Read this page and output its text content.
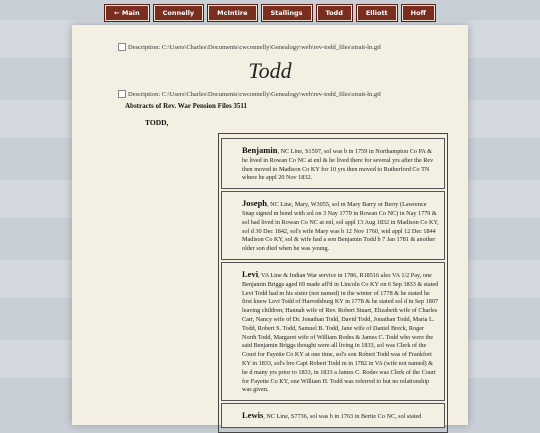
← Main	Connelly	McIntire	Stallings	Todd	Elliott	Hoff
Description: C:\Users\Charles\Documents\cwconnelly\Genealogy\web\rev-todd_files\strait-ln.gif
Todd
Description: C:\Users\Charles\Documents\cwconnelly\Genealogy\web\rev-todd_files\strait-ln.gif
Abstracts of Rev. War Pension Files 3511
TODD,
Benjamin, NC Line, S1597, sol was b in 1759 in Northampton Co PA & he lived in Rowan Co NC at enl & he lived there for several yrs after the Rev then moved to Madison Co KY for 10 yrs then moved to Rutherford Co TN where he appl 20 Nov 1832.
Joseph, NC Line, Mary, W3055, sol m Mary Barry or Berry (Lawrence Snap signed m bond with sol on 3 Nay 1779 in Rowan Co NC) in Nay 1779 & sol had lived in Rowan Co NC at enl, sol appl 13 Aug 1832 in Madison Co KY, sol d 30 Dec 1842, sol's wife Mary was b 12 Nov 1760, wid appl 12 Dec 1844 Madison Co KY, sol & wife had a son Benjamin Todd b 7 Jan 1781 & another older son died when he was young.
Levi, VA Line & Indian War service in 1786, R18516 also VA 1/2 Pay, one Benjamin Briggs aged 69 made aff'd in Lincoln Co KY on 6 Sep 1833 & stated Levi Todd had m his sister (not named) in the winter of 1778 & he stated he first knew Levi Todd of Harrodsburg KY in 1778 & he stated sol d in Sep 1807 leaving children; Hannah wife of Rev. Robert Stuart, Elizabeth wife of Charles Carr, Nancy wife of Dr. Jonathan Todd, David Todd, Jonathan Todd, Maria L. Todd, Robert S. Todd, Samuel B. Todd, Jane wife of Daniel Breck, Roger North Todd, Margaret wife of William Rodes & James C. Todd who were the said Benjamin Briggs thought were all living in 1833, sol was Clerk of the Court for Fayette Co KY at one time, sol's son Robert Todd was of Frankfort KY in 1833, sol's bro Capt Robert Todd m in 1782 in VA (wife not named) & he d many yrs prior to 1833, in 1833 a James C. Rodes was Clerk of the Court for Fayette Co KY, one William H. Todd was referred to but no relationship was given.
Lewis, NC Line, S7736, sol was b in 1763 in Bertie Co NC, sol stated
